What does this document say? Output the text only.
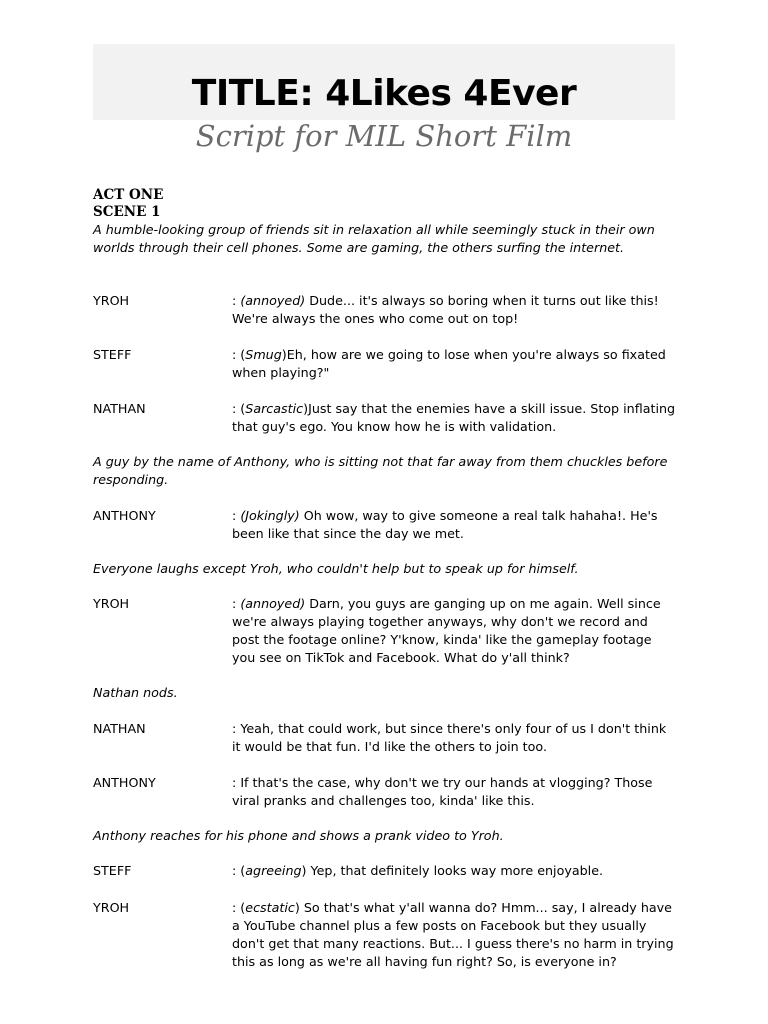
TITLE: 4Likes 4Ever
Script for MIL Short Film
ACT ONE
SCENE 1
A humble-looking group of friends sit in relaxation all while seemingly stuck in their own worlds through their cell phones. Some are gaming, the others surfing the internet.
YROH	: (annoyed) Dude... it's always so boring when it turns out like this! We're always the ones who come out on top!
STEFF	: (Smug)Eh, how are we going to lose when you're always so fixated when playing?"
NATHAN	: (Sarcastic)Just say that the enemies have a skill issue. Stop inflating that guy's ego. You know how he is with validation.
A guy by the name of Anthony, who is sitting not that far away from them chuckles before responding.
ANTHONY	: (Jokingly) Oh wow, way to give someone a real talk hahaha!. He's been like that since the day we met.
Everyone laughs except Yroh, who couldn't help but to speak up for himself.
YROH	: (annoyed) Darn, you guys are ganging up on me again. Well since we're always playing together anyways, why don't we record and post the footage online? Y'know, kinda' like the gameplay footage you see on TikTok and Facebook. What do y'all think?
Nathan nods.
NATHAN	: Yeah, that could work, but since there's only four of us I don't think it would be that fun. I'd like the others to join too.
ANTHONY	: If that's the case, why don't we try our hands at vlogging? Those viral pranks and challenges too, kinda' like this.
Anthony reaches for his phone and shows a prank video to Yroh.
STEFF	: (agreeing) Yep, that definitely looks way more enjoyable.
YROH	: (ecstatic) So that's what y'all wanna do? Hmm... say, I already have a YouTube channel plus a few posts on Facebook but they usually don't get that many reactions. But... I guess there's no harm in trying this as long as we're all having fun right? So, is everyone in?
